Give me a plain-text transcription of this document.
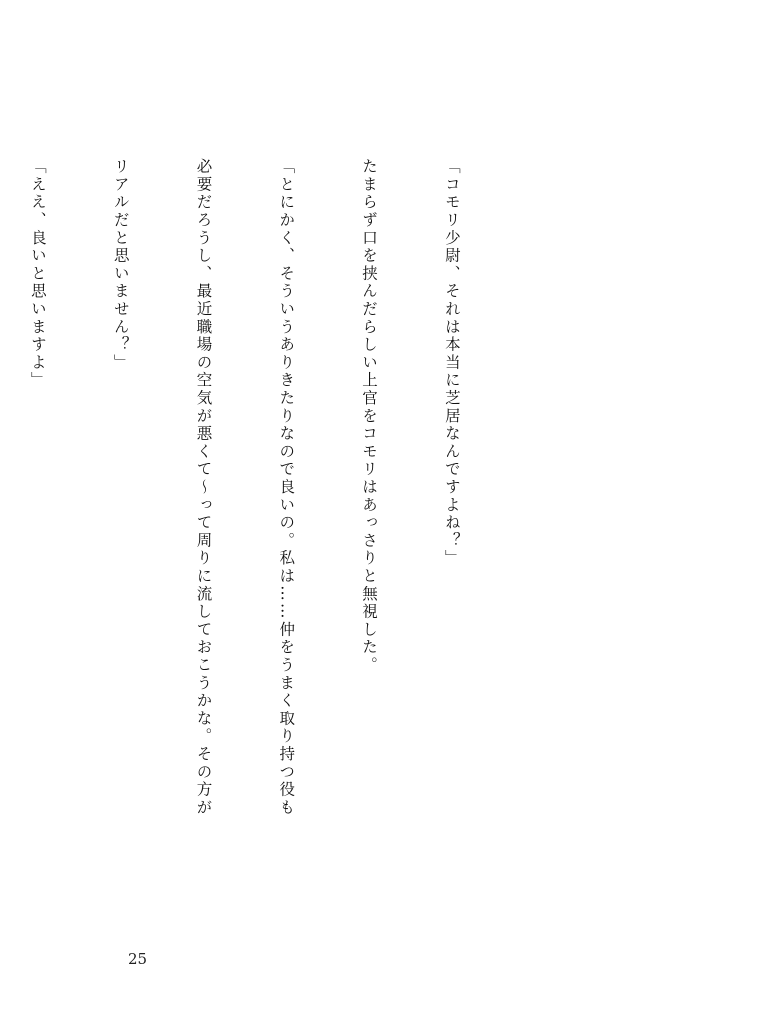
「コモリ少尉、それは本当に芝居なんですよね？」

たまらず口を挟んだらしい上官をコモリはあっさりと無視した。

「とにかく、そういうありきたりなので良いの。私は……仲をうまく取り持つ役も

必要だろうし、最近職場の空気が悪くて〜って周りに流しておこうかな。その方が

リアルだと思いません？」

「ええ、良いと思いますよ」

25
